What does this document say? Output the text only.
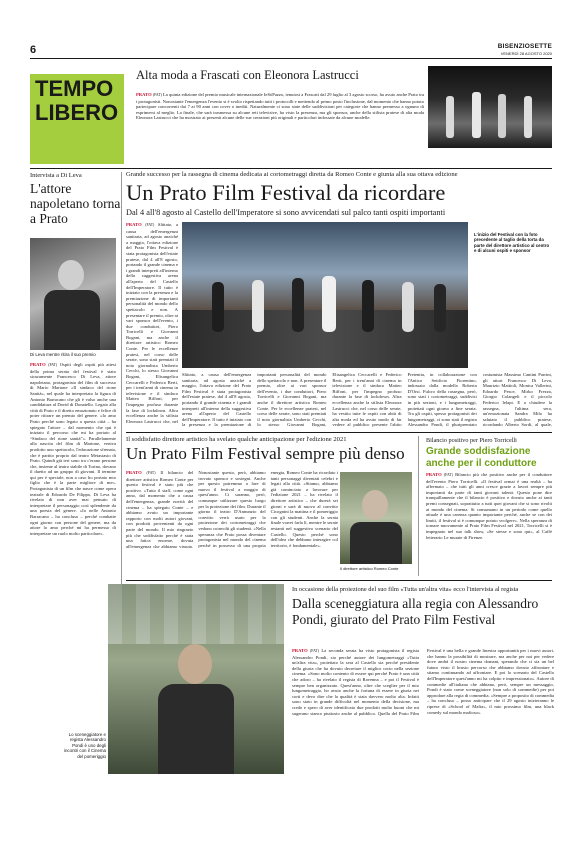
6	BISENZIOSETTE
VENERDÌ 28 AGOSTO 2020
TEMPO
LIBERO
Alta moda a Frascati con Eleonora Lastrucci
PRATO (FAT) La quinta edizione del premio musicale internazionale IeSòPazzo, tenutosi a Frascati dal 29 luglio al 3 agosto scorso, ha avuto anche Prato tra i protagonisti. Nonostante l'emergenza l'evento si è svolto rispettando tutti i protocolli e mettendo al primo posto l'inclusione, dal momento che hanno potuto partecipare concorrenti dai 7 ai 90 anni con cover o inediti. Naturalmente ci sono state delle suddivisioni per categorie che hanno permesso a ognuno di esprimersi al meglio. La finale, che sarà trasmessa su alcune reti televisive, ha visto la presenza, ma gli sponsor, anche della stilista pratese di alta moda Eleonora Lastrucci che ha mostrato ai presenti alcune delle sue creazioni più originali e particolari indossate da alcune modelle.
Intervista a Di Leva
L'attore napoletano torna a Prato
Di Leva mentre ritira il suo premio
PRATO (FAT) Ospiti degli ospiti più attesi della prima serata del festival è stato sicuramente Francesco Di Leva, attore napoletano, protagonista del film di successo di Mario Martone «Il sindaco del rione Sanità», nel quale ha interpretato la figura di Antonio Barracano che gli è valso anche una candidatura al David di Donatello. Legato alla città di Prato e il diretto emozionato e felice di poter ritirare un premio del genere. «Io amo Prato perché sono legato a questa città – ha spiegato l'attore – dal momento che qui è iniziato il percorso che mi ha portato al “Sindaco del rione sanità”». Parallelamente alla nascita del film di Martone, veniva prodotto uno spettacolo, l'educazione sfrenata, che è partito proprio dal teatro Metastasio di Prato. Quindi già ieri sono tra c'erano persone che, insieme al teatro stabile di Torino, dovano il duetto ad un gruppo di giovani. Il termine qui per è speciale, non a caso ho portato mio figlio che è la parte migliore di me». Protagonista di un film che nasce come opera teatrale di Edoardo De Filippo, Di Leva ha rivelato di non aver mai pensato di interpretare il personaggio così splendente da una poesia del genere. «Io nelle Antonio Barracano – ha concluso – perché combatte ogni giorno con persone del genere, ma da attore lo amo perché mi ha permesso di interpretare un ruolo molto particolare».
Grande successo per la rassegna di cinema dedicata ai cortometraggi diretta da Romeo Conte e giunta alla sua ottava edizione
Un Prato Film Festival da ricordare
Dal 4 all'8 agosto al Castello dell'Imperatore si sono avvicendati sul palco tanti ospiti importanti
PRATO (FAT) Slittato, a causa dell'emergenza sanitaria, ad agosto anziché a maggio, l'ottava edizione del Prato Film Festival è stata protagonista dell'estate pratese, dal 4 all'8 agosto, portando il grande cinema e i grandi interpreti all'interno della suggestiva arena all'aperto del Castello dell'Imperatore. Il tutto è iniziato con la presenza e la premiazione di importanti personalità del mondo dello spettacolo e non. A presentare il premio, oltre ai vari sponsor dell'evento, i due conduttori, Piero Torricelli e Giovanni Bogani, ma anche il direttore artistico Romeo Conte. Per le eccellenze pratesi, nel corso delle serate, sono stati premiati il noto giornalista Umberto Cecchi, lo stesso Giovanni Bogani, Elisangelica Ceccarelli e Federico Berti, per i trent'anni di cinema in televisione e il sindaco Matteo Biffoni, per l'impegno profuso durante la fase di lockdown. Altra eccellenza anche la stilista Eleonora Lastrucci che, nel
L'inizio del Festival con la foto precedente al taglio della torta da parte del direttore artistico al centro e di alcuni ospiti e sponsor
Slittato, a causa dell'emergenza sanitaria, ad agosto anziché a maggio, l'ottava edizione del Prato Film Festival è stata protagonista dell'estate pratese, dal 4 all'8 agosto, portando il grande cinema e i grandi interpreti all'interno della suggestiva arena all'aperto del Castello dell'Imperatore. Il tutto è iniziato con la presenza e la premiazione di importanti personalità del mondo dello spettacolo e non. A presentare il premio, oltre ai vari sponsor dell'evento, i due conduttori, Piero Torricelli e Giovanni Bogani, ma anche il direttore artistico Romeo Conte. Per le eccellenze pratesi, nel corso delle serate, sono stati premiati il noto giornalista Umberto Cecchi, lo stesso Giovanni Bogani, Elisangelica Ceccarelli e Federico Berti, per i trent'anni di cinema in televisione e il sindaco Matteo Biffoni, per l'impegno profuso durante la fase di lockdown. Altra eccellenza anche la stilista Eleonora Lastrucci che, nel corso delle serate, ha vestito tutte le ospiti con abiti di alta moda ed ha avuto modo di far vedere al pubblico presente l'abito Pretenita, in collaborazione con l'Antico Setificio Fiorentino, indossato dalla modella Roberta D'Orsi. Fulcro della rassegna, però, sono stati i cortometraggi, suddivisi in più sezioni, e i lungometraggi, proiettati ogni giorno a fine serata. Tra gli ospiti, spesso protagonisti dei lungometraggi, ci sono stati il regista Alessandro Pondi, il pluripremiato costumista Massimo Cantini Parrini, gli attori Francesco Di Leva, Maurizio Mattioli, Monica Vallerini, Edoardo Pesce, Mirko Frezza, Giorgio Colangeli e il piccolo Federico Ielapi. E a chiudere la rassegna, l'ultima sera, un'emozionata Sandra Milo ha salutato il pubblico pratese, ricordando Alberto Sordi, al quale,
Il soddisfatto direttore artistico ha svelato qualche anticipazione per l'edizione 2021
Un Prato Film Festival sempre più denso
PRATO (FAT) Il bilancio del direttore artistico Romeo Conte per questo festival è stato più che positivo. «Tutto il staff, come ogni anno, dal momento che a causa dell'emergenza, grande novità del cinema – ha spiegato Conte – e abbiamo avuto un importante rapporto con molti autori giovani, con prodotti provenienti da ogni parte del mondo. Il mio ringrazio più che soddisfatto perché è stata una fatica enorme, dovuta all'emergenza che abbiamo vissuto. Nonostante questo, però, abbiamo trovato sponsor e sostegni. Anche per questo potremmo a fare di nuovo il festival a maggio di quest'anno. Ci saranno, però, comunque utilizzare questo luogo per la proiezione dei film. Durante il giorno il teatro D'Annunzio del convitto verrà usato per la proiezione dei cortometraggi che vedono coinvolti gli studenti. «Nella speranza che Prato possa diventare protagonista nel mondo del cinema perché in possesso di una propria energia, Romeo Conte ha ricordato i tanti personaggi diventati celebri e legati alla città. «Stiamo, abbiamo già cominciato a lavorare per l'edizione 2021 – ha rivelato il direttore artistico – che durerà sei giorni e sarà di nuovo al convitto Cicognini la mattina e il pomeriggio con gli studenti. Anche la serata finale vorrei farla lì, mentre le serate restanti nel suggestivo scenario del Castello. Questo perché sono dell'idea che debbano interagire col territorio, è fondamentale».
Il direttore artistico Romeo Conte
Bilancio positivo per Piero Torricelli
Grande soddisfazione anche per il conduttore
PRATO (FAT) Bilancio più che positivo anche per il conduttore dell'evento Piero Torricelli. «Il festival ormai è una realtà – ha affermato – che tutti gli anni cresce grazie a lavori sempre più importanti da parte di tanti giovani talenti. Questo pone dire tranquillamente che il bilancio è positivo e dovuto anche ai tanti premi consegnati, soprattutto a tutti quei giovani che si sono rivolti ai mondo del cinema. Si consumano in un periodo come quello attuale è una carenza quanto importante perché, anche se con dei limiti, il festival si è comunque potuto svolgere». Nella speranza di tornare nuovamente al Prato Film Festival nel 2021, Torricelli si è impegnato nel suo talk show, «Se stesse e sono qui», al Caffè letterario Le murate di Firenze.
Lo sceneggiatore e regista Alessandro Pondi è uno degli incontri con il Cinema del pomeriggio
In occasione della proiezione del suo film «Tutta un'altra vita» ecco l'intervista al regista
Dalla sceneggiatura alla regia con Alessandro Pondi, giurato del Prato Film Festival
PRATO (FAT) La seconda serata ha visto protagonista il regista Alessandro Pondi, sia perché autore dei lungometraggi «Tutta un'altra vita», proiettato la sera al Castello sia perché presidente della giuria che ha dovuto decretare il miglior corto nella sezione cinema. «Sono molto contento di essere qui perché Prato è una città che adoro – ha rivelato il regista di Ravenna – e poi il Festival è sempre ben organizzato. Quest'anno, oltre che sceglier per il mio lungometraggio, ho avuto anche la fortuna di essere in giuria nei corti e devo dire che la qualità è stata davvero molto alta. Infatti sono stato in grande difficoltà nel momento della decisione, ma credo e spero di aver identificato due prodotti molto buoni che mi sugerano stanco piuttosto anche al pubblico. Quella del Prato Film Festival è una bella e grande finestra opportunità per i nuovi autori, che hanno la possibilità di mostrare, ma anche per noi per vedere dove andrà il nostro cinema domani, sperando che ci sia un bel futuro visto il brusio percorso che abbiamo dovuto affrontare e stiamo continuando ad affrontare. E poi lo scenario del Castello dell'Imperatore quest'anno mi ha colpito e impressionato». Autore di commedie all'italiana che abbiano, però, sempre un messaggio, Pondi è stato come sceneggiatore (non solo di commedie) per poi approdare alla regia di commedia. «Sempre a proposito di commedia – ha concluso – posso anticipare che il 29 agosto inizieranno le riprese di «School of Mafia», il mio prossimo film, una black comedy sul mondo mafioso».
